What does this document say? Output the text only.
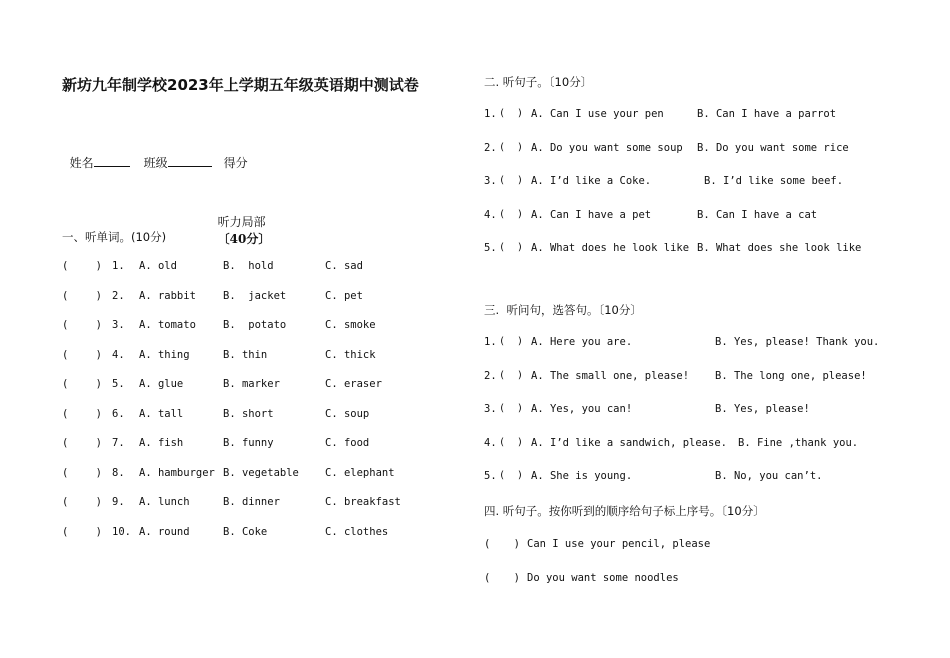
新坊九年制学校2023年上学期五年级英语期中测试卷

姓名	班级	得分

听力局部
〔40分〕

一、听单词。(10分)
(	) 1. A. old	B.  hold	C. sad
(	) 2. A. rabbit	B.  jacket	C. pet
(	) 3. A. tomato	B.  potato	C. smoke
(	) 4. A. thing	B. thin	C. thick
(	) 5. A. glue	B. marker	C. eraser
(	) 6. A. tall	B. short	C. soup
(	) 7. A. fish	B. funny	C. food
(	) 8. A. hamburger B. vegetable C. elephant
(	) 9. A. lunch	B. dinner	C. breakfast
(	) 10. A. round	B. Coke	C. clothes
二. 听句子。〔10分〕
1. ( ) A. Can I use your pen	B. Can I have a parrot
2. ( ) A. Do you want some soup B. Do you want some rice
3. ( ) A. I’d like a Coke.	B. I’d like some beef.
4. ( ) A. Can I have a pet	B. Can I have a cat
5. ( ) A. What does he look like B. What does she look like
三.  听问句，选答句。〔10分〕
1. ( ) A. Here you are.	B. Yes, please! Thank you.
2. ( ) A. The small one, please! B. The long one, please!
3. ( ) A. Yes, you can!	B. Yes, please!
4. ( ) A. I’d like a sandwich, please. B. Fine ,thank you.
5. ( ) A. She is young.	B. No, you can’t.
四. 听句子。按你听到的顺序给句子标上序号。〔10分〕
( ) Can I use your pencil, please
( ) Do you want some noodles
